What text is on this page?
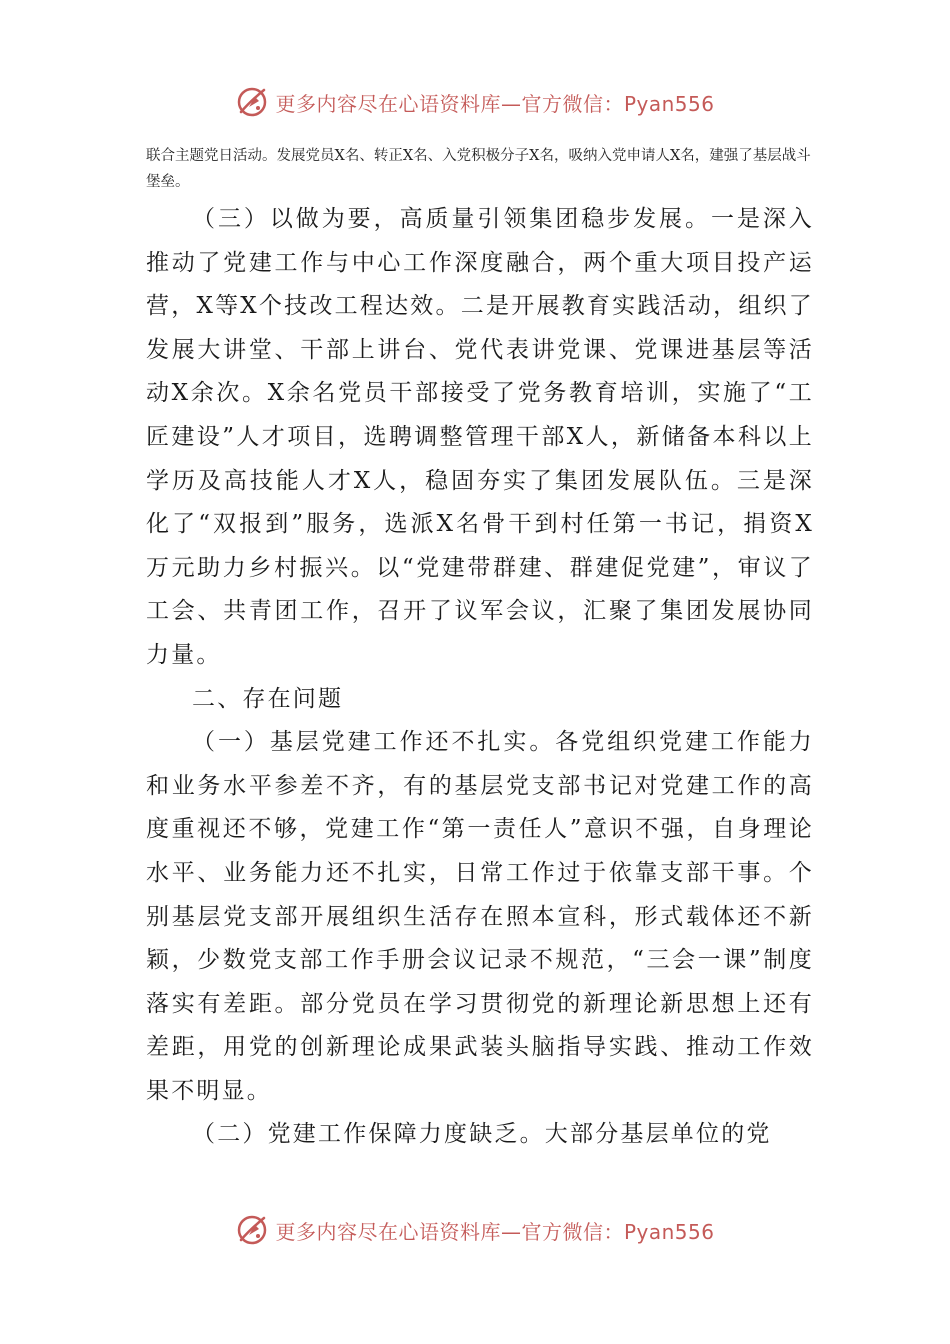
更多内容尽在心语资料库—官方微信：Pyan556
联合主题党日活动。发展党员X名、转正X名、入党积极分子X名，吸纳入党申请人X名，建强了基层战斗堡垒。

（三）以做为要，高质量引领集团稳步发展。一是深入推动了党建工作与中心工作深度融合，两个重大项目投产运营，X等X个技改工程达效。二是开展教育实践活动，组织了发展大讲堂、干部上讲台、党代表讲党课、党课进基层等活动X余次。X余名党员干部接受了党务教育培训，实施了“工匠建设”人才项目，选聘调整管理干部X人，新储备本科以上学历及高技能人才X人，稳固夯实了集团发展队伍。三是深化了“双报到”服务，选派X名骨干到村任第一书记，捐资X万元助力乡村振兴。以“党建带群建、群建促党建”，审议了工会、共青团工作，召开了议军会议，汇聚了集团发展协同力量。

二、存在问题

（一）基层党建工作还不扎实。各党组织党建工作能力和业务水平参差不齐，有的基层党支部书记对党建工作的高度重视还不够，党建工作“第一责任人”意识不强，自身理论水平、业务能力还不扎实，日常工作过于依靠支部干事。个别基层党支部开展组织生活存在照本宣科，形式载体还不新颖，少数党支部工作手册会议记录不规范，“三会一课”制度落实有差距。部分党员在学习贯彻党的新理论新思想上还有差距，用党的创新理论成果武装头脑指导实践、推动工作效果不明显。

（二）党建工作保障力度缺乏。大部分基层单位的党

更多内容尽在心语资料库—官方微信：Pyan556
